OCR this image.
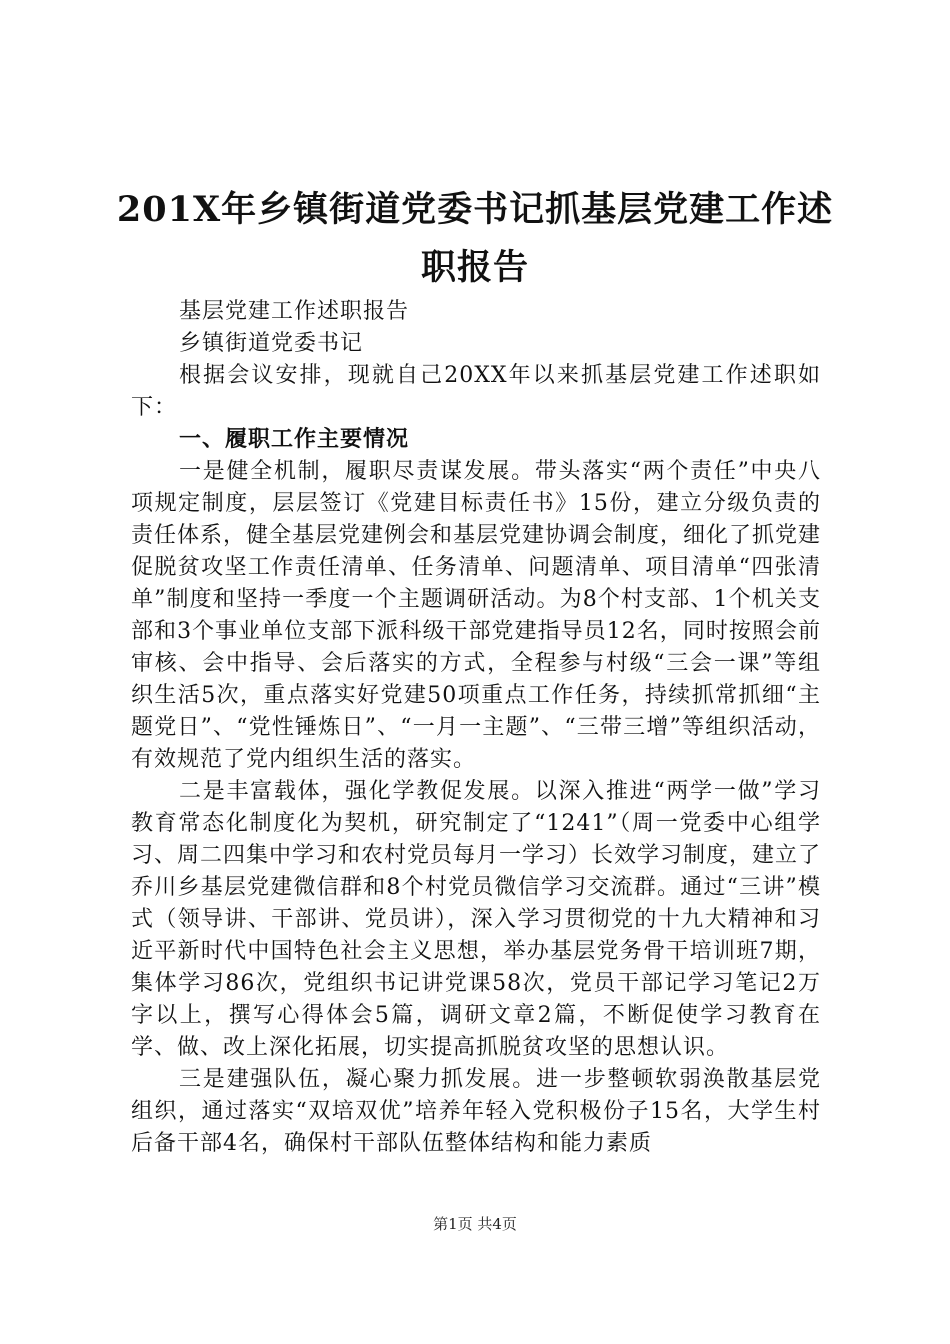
201X年乡镇街道党委书记抓基层党建工作述
职报告

基层党建工作述职报告

乡镇街道党委书记

根据会议安排，现就自己20XX年以来抓基层党建工作述职如下：

一、履职工作主要情况

一是健全机制，履职尽责谋发展。带头落实“两个责任”中央八项规定制度，层层签订《党建目标责任书》15份，建立分级负责的责任体系，健全基层党建例会和基层党建协调会制度，细化了抓党建促脱贫攻坚工作责任清单、任务清单、问题清单、项目清单“四张清单”制度和坚持一季度一个主题调研活动。为8个村支部、1个机关支部和3个事业单位支部下派科级干部党建指导员12名，同时按照会前审核、会中指导、会后落实的方式，全程参与村级“三会一课”等组织生活5次，重点落实好党建50项重点工作任务，持续抓常抓细“主题党日”、“党性锤炼日”、“一月一主题”、“三带三增”等组织活动，有效规范了党内组织生活的落实。

二是丰富载体，强化学教促发展。以深入推进“两学一做”学习教育常态化制度化为契机，研究制定了“1241”（周一党委中心组学习、周二四集中学习和农村党员每月一学习）长效学习制度，建立了乔川乡基层党建微信群和8个村党员微信学习交流群。通过“三讲”模式（领导讲、干部讲、党员讲），深入学习贯彻党的十九大精神和习近平新时代中国特色社会主义思想，举办基层党务骨干培训班7期，集体学习86次，党组织书记讲党课58次，党员干部记学习笔记2万字以上，撰写心得体会5篇，调研文章2篇，不断促使学习教育在学、做、改上深化拓展，切实提高抓脱贫攻坚的思想认识。

三是建强队伍，凝心聚力抓发展。进一步整顿软弱涣散基层党组织，通过落实“双培双优”培养年轻入党积极份子15名，大学生村后备干部4名，确保村干部队伍整体结构和能力素质

第1页 共4页
